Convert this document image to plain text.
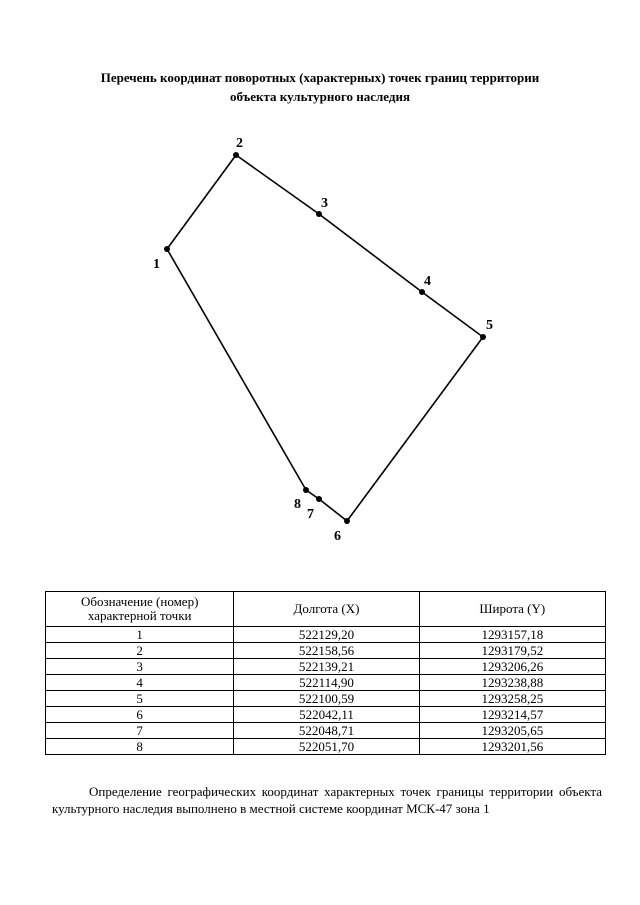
Перечень координат поворотных (характерных) точек границ территории
объекта культурного наследия
1
2
3
4
5
6
7
8
Обозначение (номер) характерной точки	Долгота (X)	Широта (Y)
1	522129,20	1293157,18
2	522158,56	1293179,52
3	522139,21	1293206,26
4	522114,90	1293238,88
5	522100,59	1293258,25
6	522042,11	1293214,57
7	522048,71	1293205,65
8	522051,70	1293201,56

Определение географических координат характерных точек границы территории объекта культурного наследия выполнено в местной системе координат МСК-47 зона 1
